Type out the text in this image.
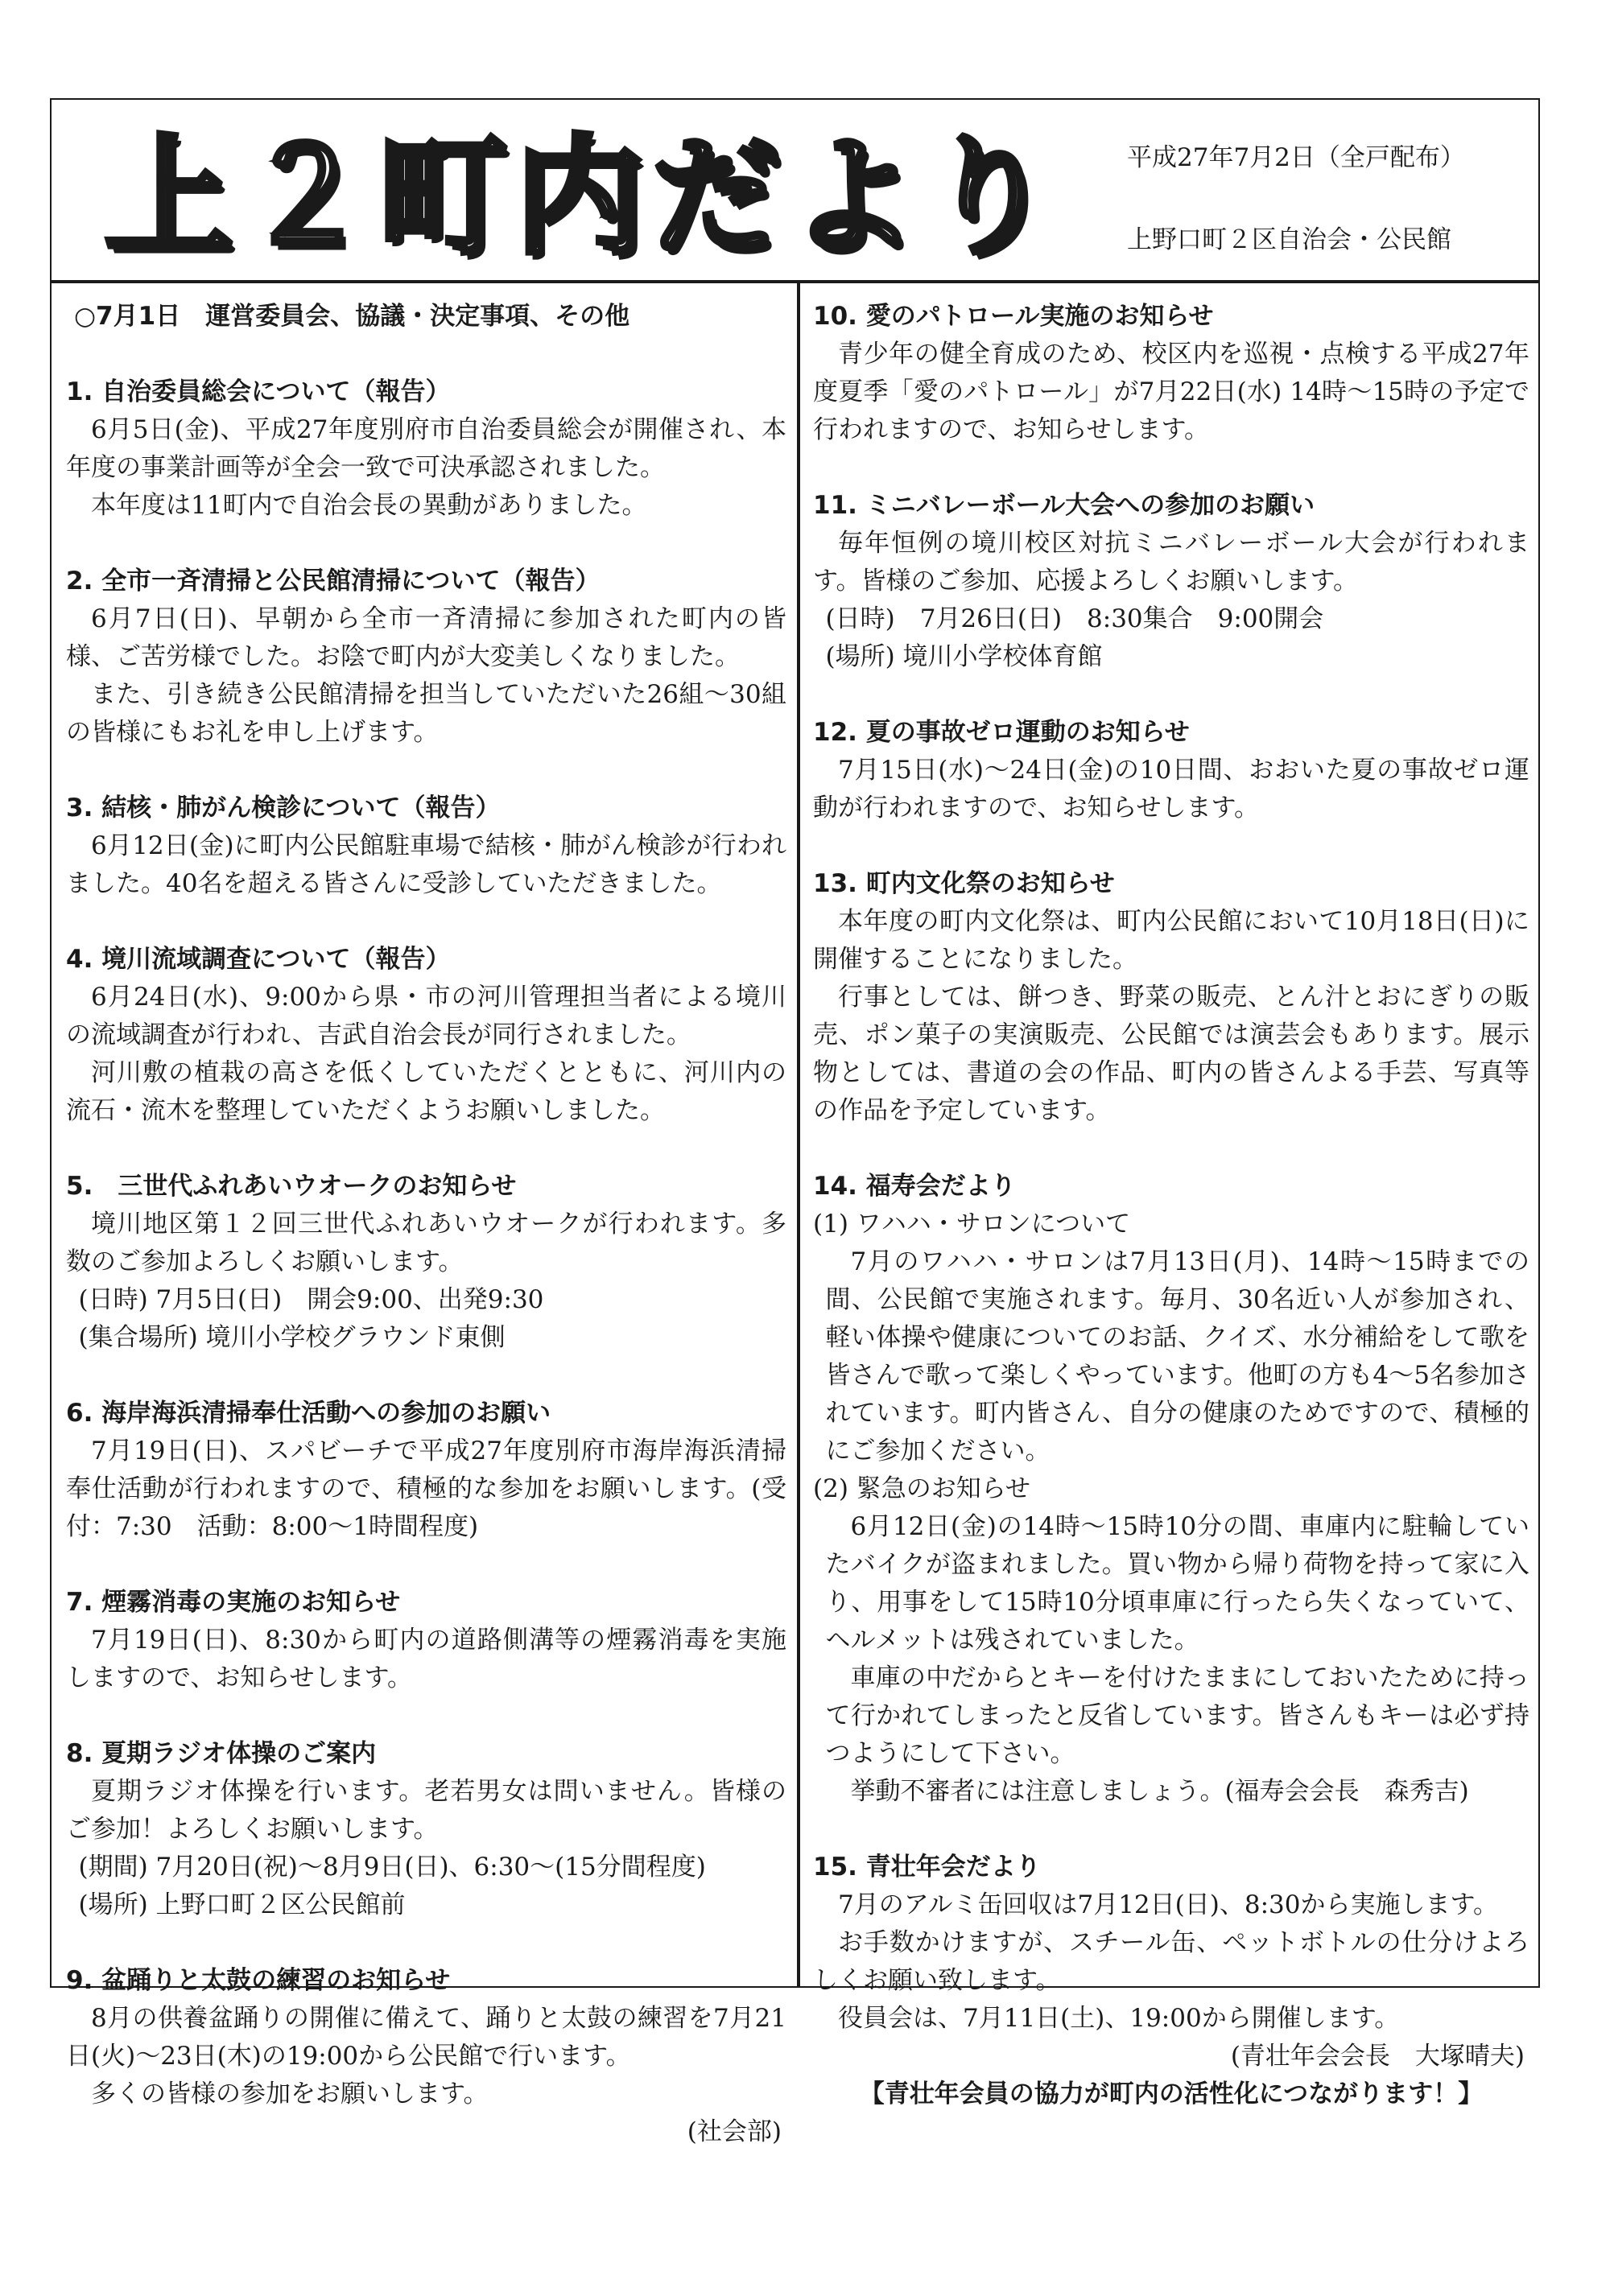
上２町内だより	平成27年7月2日（全戸配布）
上野口町２区自治会・公民館
○7月1日　運営委員会、協議・決定事項、その他
1. 自治委員総会について（報告）
6月5日(金)、平成27年度別府市自治委員総会が開催され、本年度の事業計画等が全会一致で可決承認されました。
本年度は11町内で自治会長の異動がありました。
2. 全市一斉清掃と公民館清掃について（報告）
6月7日(日)、早朝から全市一斉清掃に参加された町内の皆様、ご苦労様でした。お陰で町内が大変美しくなりました。
また、引き続き公民館清掃を担当していただいた26組〜30組の皆様にもお礼を申し上げます。
3. 結核・肺がん検診について（報告）
6月12日(金)に町内公民館駐車場で結核・肺がん検診が行われました。40名を超える皆さんに受診していただきました。
4. 境川流域調査について（報告）
6月24日(水)、9:00から県・市の河川管理担当者による境川の流域調査が行われ、吉武自治会長が同行されました。
河川敷の植栽の高さを低くしていただくとともに、河川内の流石・流木を整理していただくようお願いしました。
5.　三世代ふれあいウオークのお知らせ
境川地区第１２回三世代ふれあいウオークが行われます。多数のご参加よろしくお願いします。
(日時) 7月5日(日)　開会9:00、出発9:30
(集合場所) 境川小学校グラウンド東側
6. 海岸海浜清掃奉仕活動への参加のお願い
7月19日(日)、スパビーチで平成27年度別府市海岸海浜清掃奉仕活動が行われますので、積極的な参加をお願いします。(受付：7:30　活動：8:00〜1時間程度)
7. 煙霧消毒の実施のお知らせ
7月19日(日)、8:30から町内の道路側溝等の煙霧消毒を実施しますので、お知らせします。
8. 夏期ラジオ体操のご案内
夏期ラジオ体操を行います。老若男女は問いません。皆様のご参加！よろしくお願いします。
(期間) 7月20日(祝)〜8月9日(日)、6:30〜(15分間程度)
(場所) 上野口町２区公民館前
9. 盆踊りと太鼓の練習のお知らせ
8月の供養盆踊りの開催に備えて、踊りと太鼓の練習を7月21日(火)〜23日(木)の19:00から公民館で行います。
多くの皆様の参加をお願いします。
(社会部)
10. 愛のパトロール実施のお知らせ
青少年の健全育成のため、校区内を巡視・点検する平成27年度夏季「愛のパトロール」が7月22日(水) 14時〜15時の予定で行われますので、お知らせします。
11. ミニバレーボール大会への参加のお願い
毎年恒例の境川校区対抗ミニバレーボール大会が行われます。皆様のご参加、応援よろしくお願いします。
(日時)　7月26日(日)　8:30集合　9:00開会
(場所) 境川小学校体育館
12. 夏の事故ゼロ運動のお知らせ
7月15日(水)〜24日(金)の10日間、おおいた夏の事故ゼロ運動が行われますので、お知らせします。
13. 町内文化祭のお知らせ
本年度の町内文化祭は、町内公民館において10月18日(日)に開催することになりました。
行事としては、餅つき、野菜の販売、とん汁とおにぎりの販売、ポン菓子の実演販売、公民館では演芸会もあります。展示物としては、書道の会の作品、町内の皆さんよる手芸、写真等の作品を予定しています。
14. 福寿会だより
(1) ワハハ・サロンについて
7月のワハハ・サロンは7月13日(月)、14時〜15時までの間、公民館で実施されます。毎月、30名近い人が参加され、軽い体操や健康についてのお話、クイズ、水分補給をして歌を皆さんで歌って楽しくやっています。他町の方も4〜5名参加されています。町内皆さん、自分の健康のためですので、積極的にご参加ください。
(2) 緊急のお知らせ
6月12日(金)の14時〜15時10分の間、車庫内に駐輪していたバイクが盗まれました。買い物から帰り荷物を持って家に入り、用事をして15時10分頃車庫に行ったら失くなっていて、ヘルメットは残されていました。
車庫の中だからとキーを付けたままにしておいたために持って行かれてしまったと反省しています。皆さんもキーは必ず持つようにして下さい。
挙動不審者には注意しましょう。(福寿会会長　森秀吉)
15. 青壮年会だより
7月のアルミ缶回収は7月12日(日)、8:30から実施します。
お手数かけますが、スチール缶、ペットボトルの仕分けよろしくお願い致します。
役員会は、7月11日(土)、19:00から開催します。
(青壮年会会長　大塚晴夫)
【青壮年会員の協力が町内の活性化につながります！】
